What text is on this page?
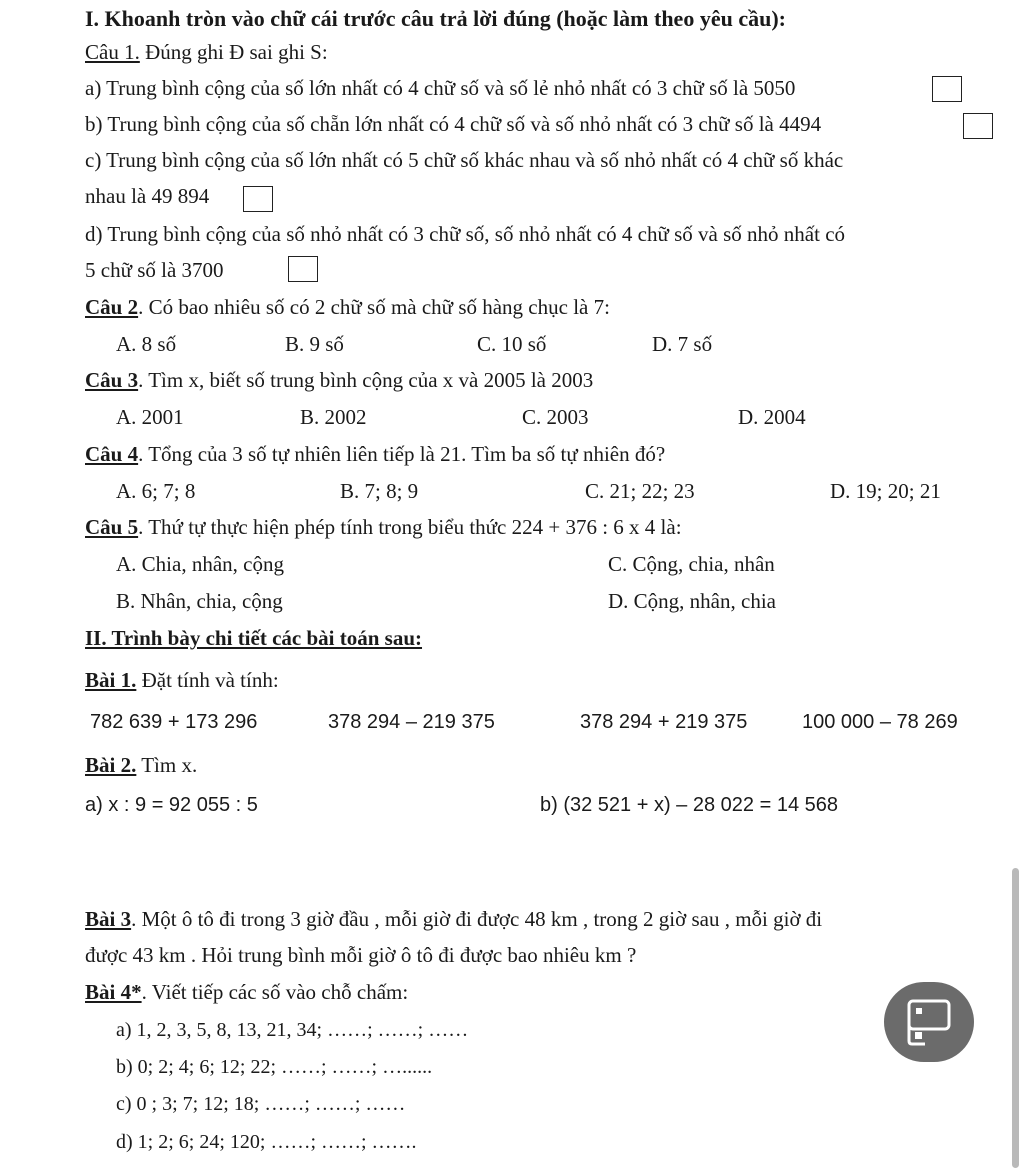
I. Khoanh tròn vào chữ cái trước câu trả lời đúng (hoặc làm theo yêu cầu):
Câu 1. Đúng ghi Đ sai ghi S:
a) Trung bình cộng của số lớn nhất có 4 chữ số và số lẻ nhỏ nhất có 3 chữ số là 5050
b) Trung bình cộng của số chẵn lớn nhất có 4 chữ số và số nhỏ nhất có 3 chữ số là 4494
c) Trung bình cộng của số lớn nhất có 5 chữ số khác nhau và số nhỏ nhất có 4 chữ số khác
nhau là 49 894
d) Trung bình cộng của số nhỏ nhất có 3 chữ số, số nhỏ nhất có 4 chữ số và số nhỏ nhất có
5 chữ số là 3700
Câu 2. Có bao nhiêu số có 2 chữ số mà chữ số hàng chục là 7:
A. 8 số	B. 9 số	C. 10 số	D. 7 số
Câu 3. Tìm x, biết số trung bình cộng của x và 2005 là 2003
A. 2001	B. 2002	C. 2003	D. 2004
Câu 4. Tổng của 3 số tự nhiên liên tiếp là 21. Tìm ba số tự nhiên đó?
A. 6; 7; 8	B. 7; 8; 9	C. 21; 22; 23	D. 19; 20; 21
Câu 5. Thứ tự thực hiện phép tính trong biểu thức 224 + 376 : 6 x 4 là:
A. Chia, nhân, cộng	C. Cộng, chia, nhân
B. Nhân, chia, cộng	D. Cộng, nhân, chia
II. Trình bày chi tiết các bài toán sau:
Bài 1. Đặt tính và tính:
782 639 + 173 296	378 294 – 219 375	378 294 + 219 375	100 000 – 78 269
Bài 2. Tìm x.
a) x : 9 = 92 055 : 5	b) (32 521 + x) – 28 022 = 14 568
Bài 3. Một ô tô đi trong 3 giờ đầu , mỗi giờ đi được 48 km , trong 2 giờ sau , mỗi giờ đi
được 43 km . Hỏi trung bình mỗi giờ ô tô đi được bao nhiêu km ?
Bài 4*. Viết tiếp các số vào chỗ chấm:
a) 1, 2, 3, 5, 8, 13, 21, 34; ……; ……; ……
b) 0; 2; 4; 6; 12; 22; ……; ……; …......
c) 0 ; 3; 7; 12; 18; ……; ……; ……
d) 1; 2; 6; 24; 120; ……; ……; …….
